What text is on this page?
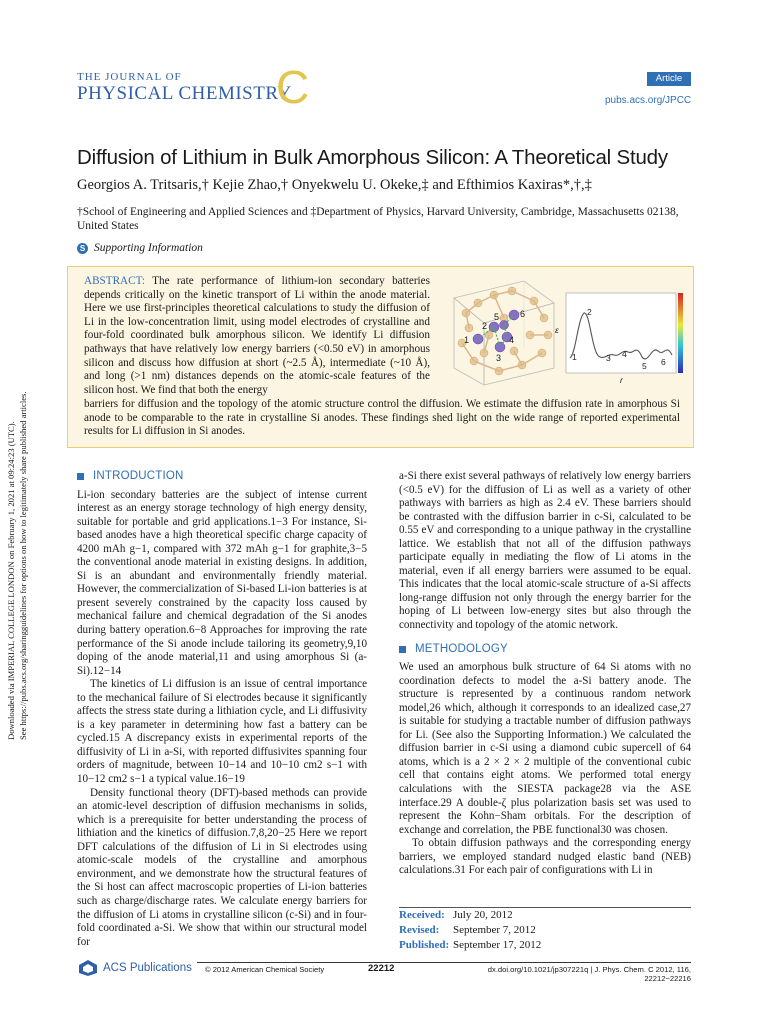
THE JOURNAL OF
PHYSICAL CHEMISTRY
C	Article
pubs.acs.org/JPCC
Diffusion of Lithium in Bulk Amorphous Silicon: A Theoretical Study
Georgios A. Tritsaris,† Kejie Zhao,† Onyekwelu U. Okeke,‡ and Efthimios Kaxiras*,†,‡
†School of Engineering and Applied Sciences and ‡Department of Physics, Harvard University, Cambridge, Massachusetts 02138, United States
S Supporting Information
ABSTRACT: The rate performance of lithium-ion secondary batteries depends critically on the kinetic transport of Li within the anode material. Here we use first-principles theoretical calculations to study the diffusion of Li in the low-concentration limit, using model electrodes of crystalline and four-fold coordinated bulk amorphous silicon. We identify Li diffusion pathways that have relatively low energy barriers (<0.50 eV) in amorphous silicon and discuss how diffusion at short (~2.5 Å), intermediate (~10 Å), and long (>1 nm) distances depends on the atomic-scale features of the silicon host. We find that both the energy
barriers for diffusion and the topology of the atomic structure control the diffusion. We estimate the diffusion rate in amorphous Si anode to be comparable to the rate in crystalline Si anodes. These findings shed light on the wide range of reported experimental results for Li diffusion in Si anodes.
1
2
3
4
5 6	2
1	3 4
5 6
ε
r
Downloaded via IMPERIAL COLLEGE LONDON on February 1, 2021 at 09:24:23 (UTC). See https://pubs.acs.org/sharingguidelines for options on how to legitimately share published articles.	INTRODUCTION

Li-ion secondary batteries are the subject of intense current interest as an energy storage technology of high energy density, suitable for portable and grid applications.1−3 For instance, Si-based anodes have a high theoretical specific charge capacity of 4200 mAh g−1, compared with 372 mAh g−1 for graphite,3−5 the conventional anode material in existing designs. In addition, Si is an abundant and environmentally friendly material. However, the commercialization of Si-based Li-ion batteries is at present severely constrained by the capacity loss caused by mechanical failure and chemical degradation of the Si anodes during battery operation.6−8 Approaches for improving the rate performance of the Si anode include tailoring its geometry,9,10 doping of the anode material,11 and using amorphous Si (a-Si).12−14

The kinetics of Li diffusion is an issue of central importance to the mechanical failure of Si electrodes because it significantly affects the stress state during a lithiation cycle, and Li diffusivity is a key parameter in determining how fast a battery can be cycled.15 A discrepancy exists in experimental reports of the diffusivity of Li in a-Si, with reported diffusivites spanning four orders of magnitude, between 10−14 and 10−10 cm2 s−1 with 10−12 cm2 s−1 a typical value.16−19

Density functional theory (DFT)-based methods can provide an atomic-level description of diffusion mechanisms in solids, which is a prerequisite for better understanding the process of lithiation and the kinetics of diffusion.7,8,20−25 Here we report DFT calculations of the diffusion of Li in Si electrodes using atomic-scale models of the crystalline and amorphous environment, and we demonstrate how the structural features of the Si host can affect macroscopic properties of Li-ion batteries such as charge/discharge rates. We calculate energy barriers for the diffusion of Li atoms in crystalline silicon (c-Si) and in four-fold coordinated a-Si. We show that within our structural model for

a-Si there exist several pathways of relatively low energy barriers (<0.5 eV) for the diffusion of Li as well as a variety of other pathways with barriers as high as 2.4 eV. These barriers should be contrasted with the diffusion barrier in c-Si, calculated to be 0.55 eV and corresponding to a unique pathway in the crystalline lattice. We establish that not all of the diffusion pathways participate equally in mediating the flow of Li atoms in the material, even if all energy barriers were assumed to be equal. This indicates that the local atomic-scale structure of a-Si affects long-range diffusion not only through the energy barrier for the hoping of Li between low-energy sites but also through the connectivity and topology of the atomic network.

METHODOLOGY

We used an amorphous bulk structure of 64 Si atoms with no coordination defects to model the a-Si battery anode. The structure is represented by a continuous random network model,26 which, although it corresponds to an idealized case,27 is suitable for studying a tractable number of diffusion pathways for Li. (See also the Supporting Information.) We calculated the diffusion barrier in c-Si using a diamond cubic supercell of 64 atoms, which is a 2 × 2 × 2 multiple of the conventional cubic cell that contains eight atoms. We performed total energy calculations with the SIESTA package28 via the ASE interface.29 A double-ζ plus polarization basis set was used to represent the Kohn−Sham orbitals. For the description of exchange and correlation, the PBE functional30 was chosen.

To obtain diffusion pathways and the corresponding energy barriers, we employed standard nudged elastic band (NEB) calculations.31 For each pair of configurations with Li in

Received: July 20, 2012
Revised:	September 7, 2012
Published: September 17, 2012
ACS Publications © 2012 American Chemical Society	22212	dx.doi.org/10.1021/jp307221q | J. Phys. Chem. C 2012, 116, 22212−22216
